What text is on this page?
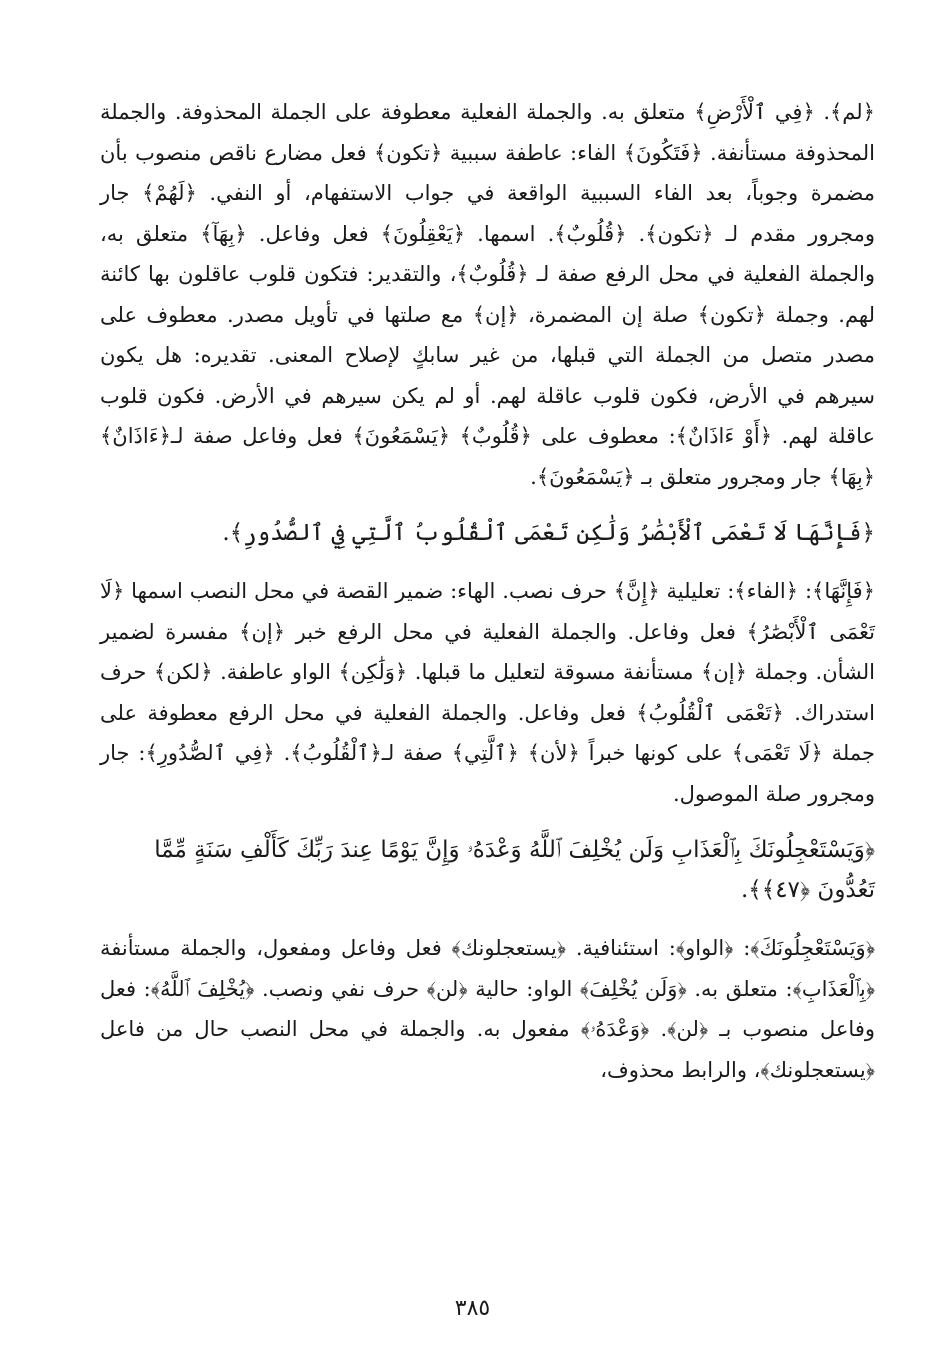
﴿لم﴾. ﴿فِي ٱلْأَرْضِ﴾ متعلق به. والجملة الفعلية معطوفة على الجملة المحذوفة. والجملة المحذوفة مستأنفة. ﴿فَتَكُونَ﴾ الفاء: عاطفة سببية ﴿تكون﴾ فعل مضارع ناقص منصوب بأن مضمرة وجوباً، بعد الفاء السببية الواقعة في جواب الاستفهام، أو النفي. ﴿لَهُمْ﴾ جار ومجرور مقدم لـ ﴿تكون﴾. ﴿قُلُوبٌ﴾. اسمها. ﴿يَعْقِلُونَ﴾ فعل وفاعل. ﴿بِهَآ﴾ متعلق به، والجملة الفعلية في محل الرفع صفة لـ ﴿قُلُوبٌ﴾، والتقدير: فتكون قلوب عاقلون بها كائنة لهم. وجملة ﴿تكون﴾ صلة إن المضمرة، ﴿إن﴾ مع صلتها في تأويل مصدر. معطوف على مصدر متصل من الجملة التي قبلها، من غير سابكٍ لإصلاح المعنى. تقديره: هل يكون سيرهم في الأرض، فكون قلوب عاقلة لهم. أو لم يكن سيرهم في الأرض. فكون قلوب عاقلة لهم. ﴿أَوْ ءَاذَانٌ﴾: معطوف على ﴿قُلُوبٌ﴾ ﴿يَسْمَعُونَ﴾ فعل وفاعل صفة لـ﴿ءَاذَانٌ﴾ ﴿بِهَا﴾ جار ومجرور متعلق بـ ﴿يَسْمَعُونَ﴾.

﴿فَإِنَّهَا لَا تَعْمَى ٱلْأَبْصَٰرُ وَلَٰكِن تَعْمَى ٱلْقُلُوبُ ٱلَّتِي فِي ٱلصُّدُورِ﴾.

﴿فَإِنَّهَا﴾: ﴿الفاء﴾: تعليلية ﴿إِنَّ﴾ حرف نصب. الهاء: ضمير القصة في محل النصب اسمها ﴿لَا تَعْمَى ٱلْأَبْصَٰرُ﴾ فعل وفاعل. والجملة الفعلية في محل الرفع خبر ﴿إن﴾ مفسرة لضمير الشأن. وجملة ﴿إن﴾ مستأنفة مسوقة لتعليل ما قبلها. ﴿وَلَٰكِن﴾ الواو عاطفة. ﴿لكن﴾ حرف استدراك. ﴿تَعْمَى ٱلْقُلُوبُ﴾ فعل وفاعل. والجملة الفعلية في محل الرفع معطوفة على جملة ﴿لَا تَعْمَى﴾ على كونها خبراً ﴿لأن﴾ ﴿ٱلَّتِي﴾ صفة لـ﴿ٱلْقُلُوبُ﴾. ﴿فِي ٱلصُّدُورِ﴾: جار ومجرور صلة الموصول.

﴿وَيَسْتَعْجِلُونَكَ بِٱلْعَذَابِ وَلَن يُخْلِفَ ٱللَّهُ وَعْدَهُۥ وَإِنَّ يَوْمًا عِندَ رَبِّكَ كَأَلْفِ سَنَةٍ مِّمَّا تَعُدُّونَ ﴿٤٧﴾﴾.

﴿وَيَسْتَعْجِلُونَكَ﴾: ﴿الواو﴾: استئنافية. ﴿يستعجلونك﴾ فعل وفاعل ومفعول، والجملة مستأنفة ﴿بِٱلْعَذَابِ﴾: متعلق به. ﴿وَلَن يُخْلِفَ﴾ الواو: حالية ﴿لن﴾ حرف نفي ونصب. ﴿يُخْلِفَ ٱللَّهُ﴾: فعل وفاعل منصوب بـ ﴿لن﴾. ﴿وَعْدَهُۥ﴾ مفعول به. والجملة في محل النصب حال من فاعل ﴿يستعجلونك﴾، والرابط محذوف،

٣٨٥
